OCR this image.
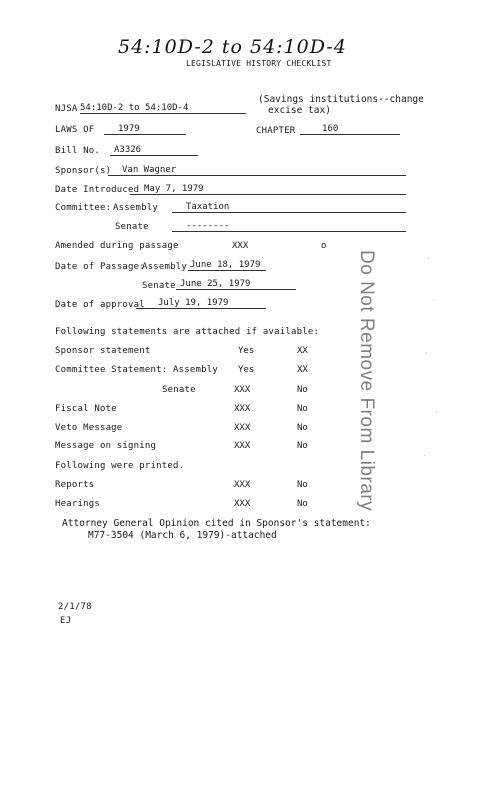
54:10D-2 to 54:10D-4
LEGISLATIVE HISTORY CHECKLIST
NJSA 54:10D-2 to 54:10D-4
(Savings institutions--change
excise tax)
LAWS OF	1979	CHAPTER	160
Bill No.	A3326
Sponsor(s)	Van Wagner
Date Introduced May 7, 1979
Committee: Assembly	Taxation
Senate	--------
Amended during passage	XXX	o
Date of Passage:
Assembly June 18, 1979
Senate June 25, 1979
Date of approval	July 19, 1979
Following statements are attached if available:
Sponsor statement	Yes	XX
Committee Statement: Assembly Yes	XX
Senate	XXX	No
Fiscal Note	XXX	No
Veto Message	XXX	No
Message on signing	XXX	No
Following were printed.
Reports	XXX	No
Hearings	XXX	No
Attorney General Opinion cited in Sponsor's statement:
M77-3504 (March 6, 1979)-attached
2/1/78
EJ
Do Not Remove From Library
